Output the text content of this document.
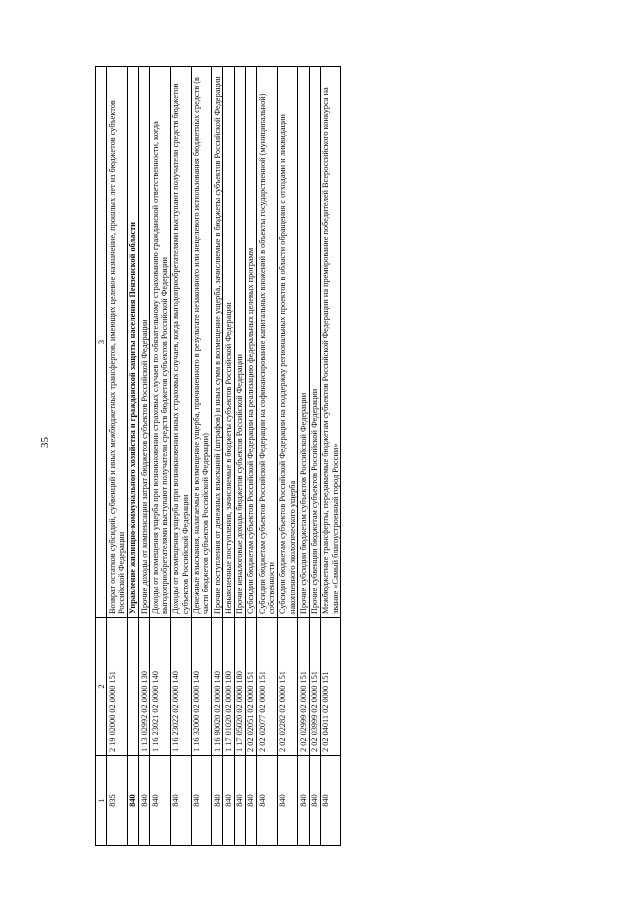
35
1	2	3
835	2 19 02000 02 0000 151	Возврат остатков субсидий, субвенций и иных межбюджетных трансфертов, имеющих целевое назначение, прошлых лет из бюджетов субъектов Российской Федерации
840		Управление жилищно-коммунального хозяйства и гражданской защиты населения Пензенской области
840	1 13 02992 02 0000 130	Прочие доходы от компенсации затрат бюджетов субъектов Российской Федерации
840	1 16 23021 02 0000 140	Доходы от возмещения ущерба при возникновении страховых случаев по обязательному страхованию гражданской ответственности, когда выгодоприобретателями выступают получатели средств бюджетов субъектов Российской Федерации
840	1 16 23022 02 0000 140	Доходы от возмещения ущерба при возникновении иных страховых случаев, когда выгодоприобретателями выступают получатели средств бюджетов субъектов Российской Федерации
840	1 16 32000 02 0000 140	Денежные взыскания, налагаемые в возмещение ущерба, причиненного в результате незаконного или нецелевого использования бюджетных средств (в части бюджетов субъектов Российской Федерации)
840	1 16 90020 02 0000 140	Прочие поступления от денежных взысканий (штрафов) и иных сумм в возмещение ущерба, зачисляемые в бюджеты субъектов Российской Федерации
840	1 17 01020 02 0000 180	Невыясненные поступления, зачисляемые в бюджеты субъектов Российской Федерации
840	1 17 05020 02 0000 180	Прочие неналоговые доходы бюджетов субъектов Российской Федерации
840	2 02 02051 02 0000 151	Субсидии бюджетам субъектов Российской Федерации на реализацию федеральных целевых программ
840	2 02 02077 02 0000 151	Субсидии бюджетам субъектов Российской Федерации на софинансирование капитальных вложений в объекты государственной (муниципальной) собственности
840	2 02 02282 02 0000 151	Субсидии бюджетам субъектов Российской Федерации на поддержку региональных проектов в области обращения с отходами и ликвидации накопленного экологического ущерба
840	2 02 02999 02 0000 151	Прочие субсидии бюджетам субъектов Российской Федерации
840	2 02 03999 02 0000 151	Прочие субвенции бюджетам субъектов Российской Федерации
840	2 02 04011 02 0000 151	Межбюджетные трансферты, передаваемые бюджетам субъектов Российской Федерации на премирование победителей Всероссийского конкурса на звание «Самый благоустроенный город России»
